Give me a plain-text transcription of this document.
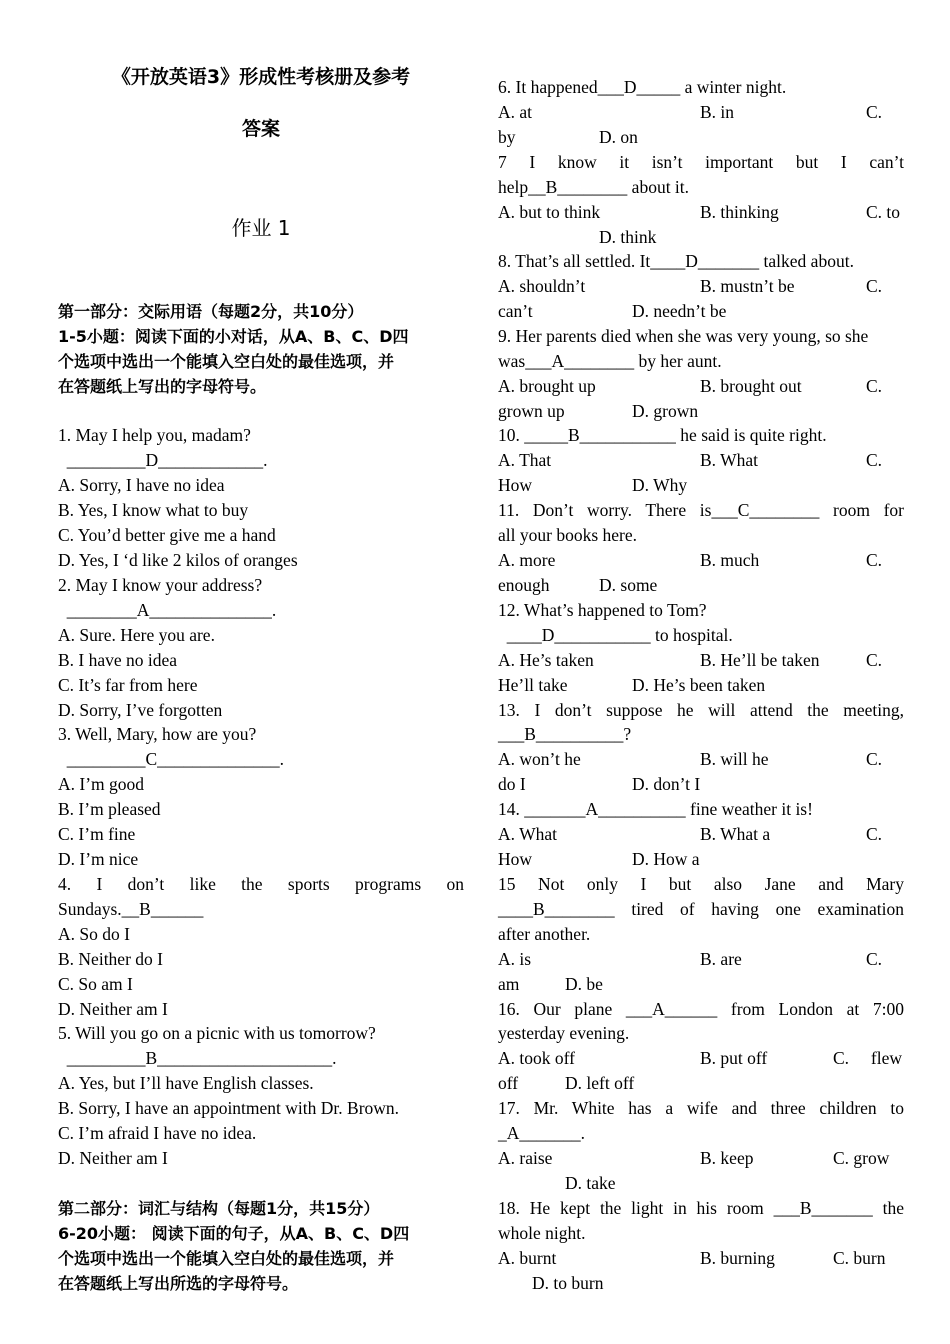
《开放英语3》形成性考核册及参考
答案
作业 1
第一部分：交际用语（每题2分，共10分）
1-5小题：阅读下面的小对话，从A、B、C、D四
个选项中选出一个能填入空白处的最佳选项，并
在答题纸上写出的字母符号。
1. May I help you, madam?
_________D____________.
A. Sorry, I have no idea
B. Yes, I know what to buy
C. You’d better give me a hand
D. Yes, I ‘d like 2 kilos of oranges
2. May I know your address?
________A______________.
A. Sure. Here you are.
B. I have no idea
C. It’s far from here
D. Sorry, I’ve forgotten
3. Well, Mary, how are you?
_________C______________.
A. I’m good
B. I’m pleased
C. I’m fine
D. I’m nice
4. I don’t like the sports programs on
Sundays.__B______
A. So do I
B. Neither do I
C. So am I
D. Neither am I
5. Will you go on a picnic with us tomorrow?
_________B____________________.
A. Yes, but I’ll have English classes.
B. Sorry, I have an appointment with Dr. Brown.
C. I’m afraid I have no idea.
D. Neither am I
第二部分：词汇与结构（每题1分，共15分）
6-20小题： 阅读下面的句子，从A、B、C、D四
个选项中选出一个能填入空白处的最佳选项，并
在答题纸上写出所选的字母符号。
6. It happened___D_____ a winter night.
A. at	B. in	C.
by	D. on
7 I know it isn’t important but I can’t
help__B________ about it.
A. but to think	B. thinking	C. to
D. think
8. That’s all settled. It____D_______ talked about.
A. shouldn’t	B. mustn’t be	C.
can’t	D. needn’t be
9. Her parents died when she was very young, so she
was___A________ by her aunt.
A. brought up	B. brought out	C.
grown up	D. grown
10. _____B___________ he said is quite right.
A. That	B. What	C.
How	D. Why
11. Don’t worry. There is___C________ room for
all your books here.
A. more	B. much	C.
enough	D. some
12. What’s happened to Tom?
____D___________ to hospital.
A. He’s taken	B. He’ll be taken	C.
He’ll take	D. He’s been taken
13. I don’t suppose he will attend the meeting,
___B__________?
A. won’t he	B. will he	C.
do I	D. don’t I
14. _______A__________ fine weather it is!
A. What	B. What a	C.
How	D. How a
15 Not only I but also Jane and Mary
____B________ tired of having one examination
after another.
A. is	B. are	C.
am	D. be
16. Our plane ___A______ from London at 7:00
yesterday evening.
A. took off	B. put off	C.     flew
off	D. left off
17. Mr. White has a wife and three children to
_A_______.
A. raise	B. keep	C. grow
D. take
18. He kept the light in his room ___B_______ the
whole night.
A. burnt	B. burning	C. burn
D. to burn
